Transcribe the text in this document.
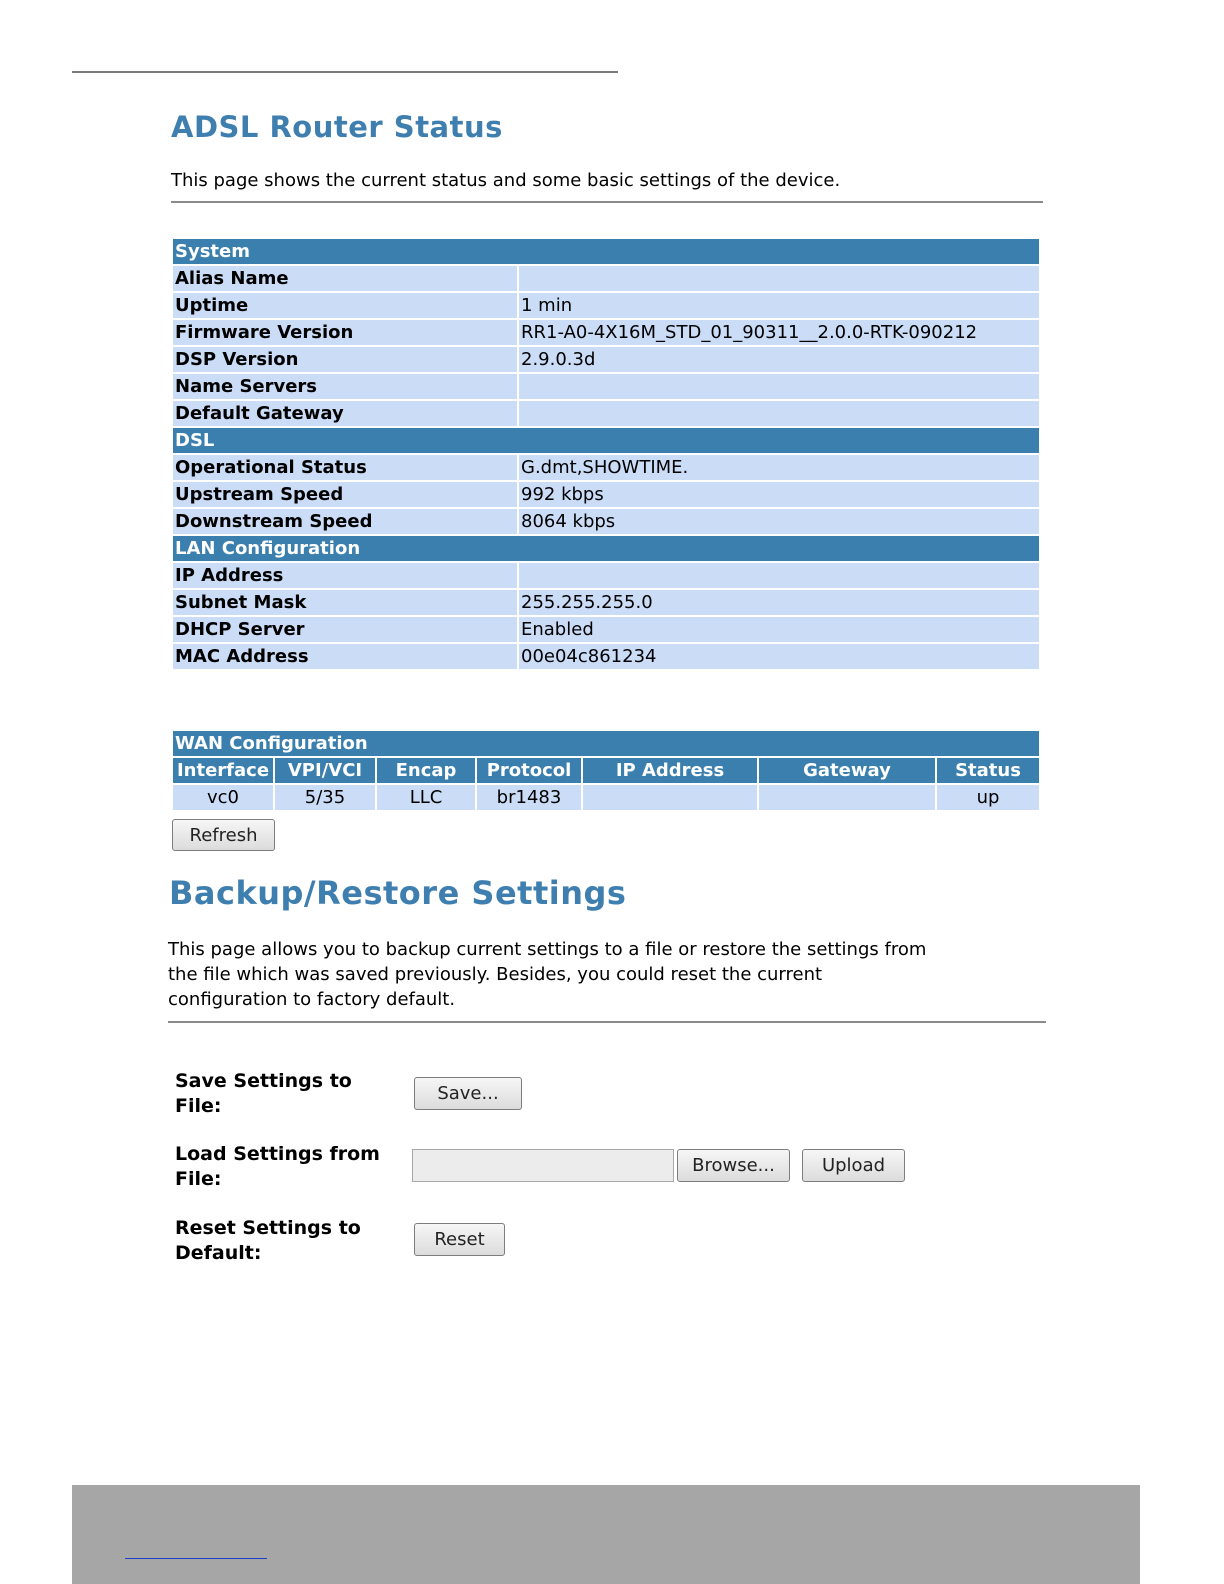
ADSL Router Status

This page shows the current status and some basic settings of the device.

System	
Alias Name	
Uptime	1 min
Firmware Version	RR1-A0-4X16M_STD_01_90311__2.0.0-RTK-090212
DSP Version	2.9.0.3d
Name Servers	
Default Gateway	
DSL	
Operational Status	G.dmt,SHOWTIME.
Upstream Speed	992 kbps
Downstream Speed	8064 kbps
LAN Configuration	
IP Address	
Subnet Mask	255.255.255.0
DHCP Server	Enabled
MAC Address	00e04c861234
WAN Configuration						
Interface	VPI/VCI	Encap	Protocol	IP Address	Gateway	Status
vc0	5/35	LLC	br1483			up
Refresh
Backup/Restore Settings
This page allows you to backup current settings to a file or restore the settings from
the file which was saved previously. Besides, you could reset the current
configuration to factory default.
Save Settings to
File:
Save...
Load Settings from
File:
Browse...	Upload
Reset Settings to
Default:
Reset
